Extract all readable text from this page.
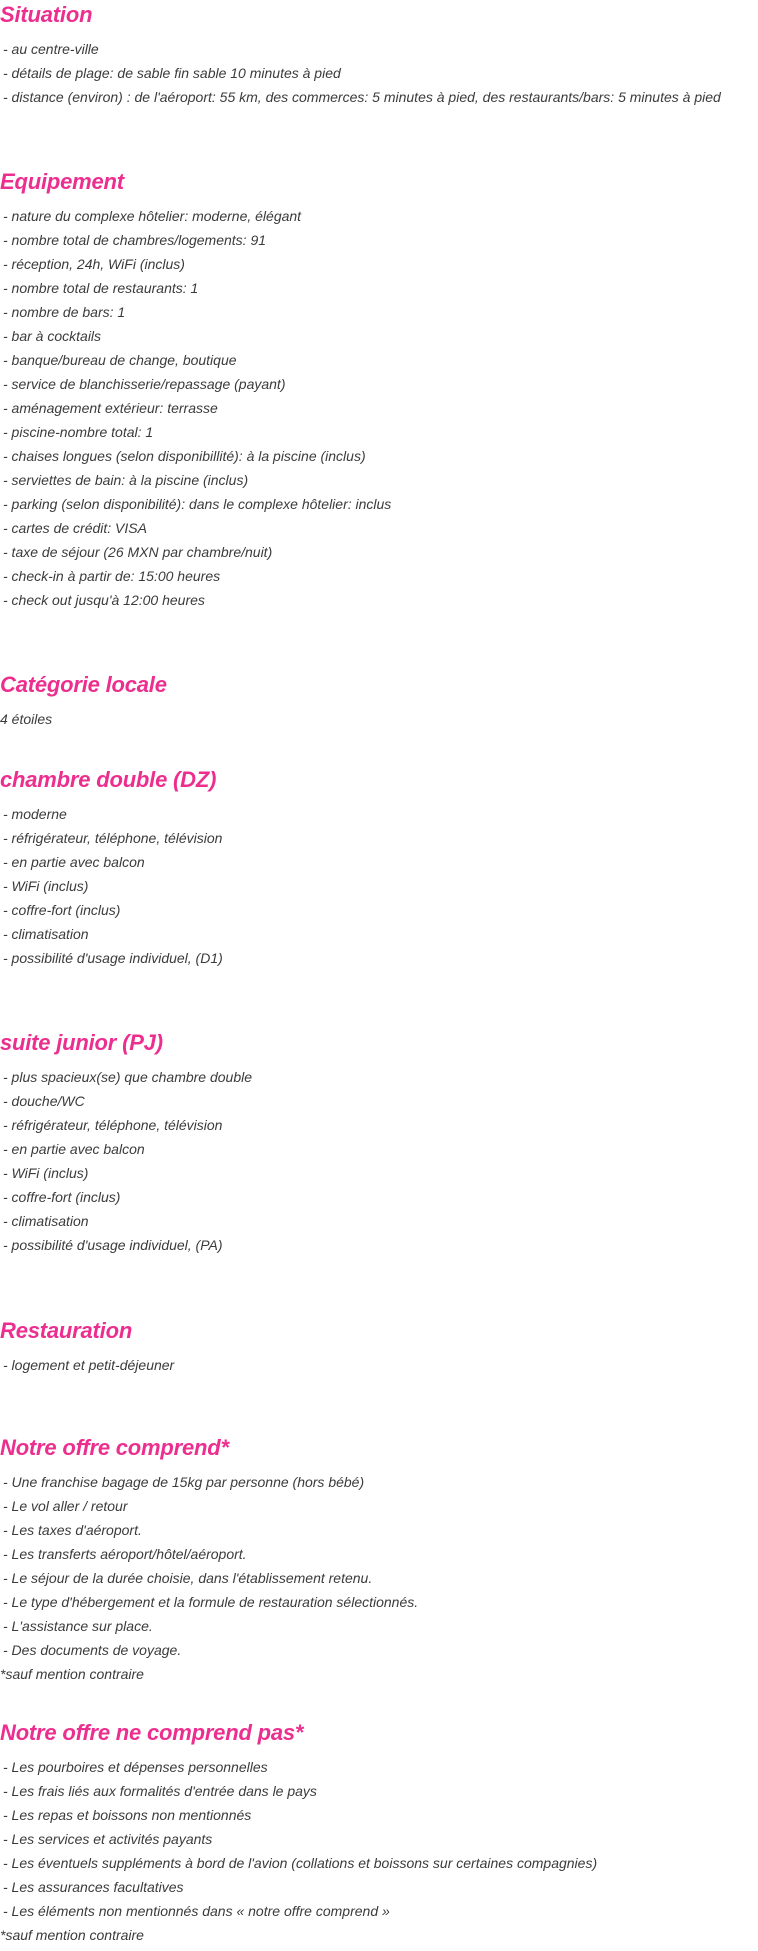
Situation
- au centre-ville
- détails de plage: de sable fin sable 10 minutes à pied
- distance (environ) : de l'aéroport: 55 km, des commerces: 5 minutes à pied, des restaurants/bars: 5 minutes à pied
Equipement
- nature du complexe hôtelier: moderne, élégant
- nombre total de chambres/logements: 91
- réception, 24h, WiFi (inclus)
- nombre total de restaurants: 1
- nombre de bars: 1
- bar à cocktails
- banque/bureau de change, boutique
- service de blanchisserie/repassage (payant)
- aménagement extérieur: terrasse
- piscine-nombre total: 1
- chaises longues (selon disponibillité): à la piscine (inclus)
- serviettes de bain: à la piscine (inclus)
- parking (selon disponibilité): dans le complexe hôtelier: inclus
- cartes de crédit: VISA
- taxe de séjour (26 MXN par chambre/nuit)
- check-in à partir de: 15:00 heures
- check out jusqu'à 12:00 heures
Catégorie locale
4 étoiles
chambre double (DZ)
- moderne
- réfrigérateur, téléphone, télévision
- en partie avec balcon
- WiFi (inclus)
- coffre-fort (inclus)
- climatisation
- possibilité d'usage individuel, (D1)
suite junior (PJ)
- plus spacieux(se) que chambre double
- douche/WC
- réfrigérateur, téléphone, télévision
- en partie avec balcon
- WiFi (inclus)
- coffre-fort (inclus)
- climatisation
- possibilité d'usage individuel, (PA)
Restauration
- logement et petit-déjeuner
Notre offre comprend*
- Une franchise bagage de 15kg par personne (hors bébé)
- Le vol aller / retour
- Les taxes d'aéroport.
- Les transferts aéroport/hôtel/aéroport.
- Le séjour de la durée choisie, dans l'établissement retenu.
- Le type d'hébergement et la formule de restauration sélectionnés.
- L'assistance sur place.
- Des documents de voyage.
*sauf mention contraire
Notre offre ne comprend pas*
- Les pourboires et dépenses personnelles
- Les frais liés aux formalités d'entrée dans le pays
- Les repas et boissons non mentionnés
- Les services et activités payants
- Les éventuels suppléments à bord de l'avion (collations et boissons sur certaines compagnies)
- Les assurances facultatives
- Les éléments non mentionnés dans « notre offre comprend »
*sauf mention contraire
